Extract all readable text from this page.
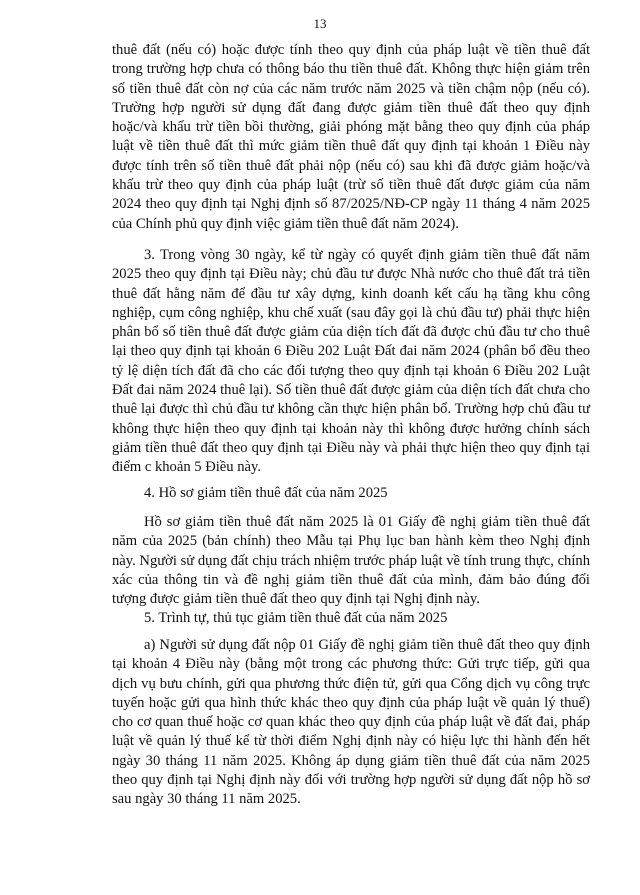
13

thuê đất (nếu có) hoặc được tính theo quy định của pháp luật về tiền thuê đất trong trường hợp chưa có thông báo thu tiền thuê đất. Không thực hiện giảm trên số tiền thuê đất còn nợ của các năm trước năm 2025 và tiền chậm nộp (nếu có). Trường hợp người sử dụng đất đang được giảm tiền thuê đất theo quy định hoặc/và khấu trừ tiền bồi thường, giải phóng mặt bằng theo quy định của pháp luật về tiền thuê đất thì mức giảm tiền thuê đất quy định tại khoản 1 Điều này được tính trên số tiền thuê đất phải nộp (nếu có) sau khi đã được giảm hoặc/và khấu trừ theo quy định của pháp luật (trừ số tiền thuê đất được giảm của năm 2024 theo quy định tại Nghị định số 87/2025/NĐ-CP ngày 11 tháng 4 năm 2025 của Chính phủ quy định việc giảm tiền thuê đất năm 2024).

3. Trong vòng 30 ngày, kể từ ngày có quyết định giảm tiền thuê đất năm 2025 theo quy định tại Điều này; chủ đầu tư được Nhà nước cho thuê đất trả tiền thuê đất hằng năm để đầu tư xây dựng, kinh doanh kết cấu hạ tầng khu công nghiệp, cụm công nghiệp, khu chế xuất (sau đây gọi là chủ đầu tư) phải thực hiện phân bổ số tiền thuê đất được giảm của diện tích đất đã được chủ đầu tư cho thuê lại theo quy định tại khoản 6 Điều 202 Luật Đất đai năm 2024 (phân bổ đều theo tỷ lệ diện tích đất đã cho các đối tượng theo quy định tại khoản 6 Điều 202 Luật Đất đai năm 2024 thuê lại). Số tiền thuê đất được giảm của diện tích đất chưa cho thuê lại được thì chủ đầu tư không cần thực hiện phân bổ. Trường hợp chủ đầu tư không thực hiện theo quy định tại khoản này thì không được hưởng chính sách giảm tiền thuê đất theo quy định tại Điều này và phải thực hiện theo quy định tại điểm c khoản 5 Điều này.

4. Hồ sơ giảm tiền thuê đất của năm 2025

Hồ sơ giảm tiền thuê đất năm 2025 là 01 Giấy đề nghị giảm tiền thuê đất năm của 2025 (bản chính) theo Mẫu tại Phụ lục ban hành kèm theo Nghị định này. Người sử dụng đất chịu trách nhiệm trước pháp luật về tính trung thực, chính xác của thông tin và đề nghị giảm tiền thuê đất của mình, đảm bảo đúng đối tượng được giảm tiền thuê đất theo quy định tại Nghị định này.

5. Trình tự, thủ tục giảm tiền thuê đất của năm 2025

a) Người sử dụng đất nộp 01 Giấy đề nghị giảm tiền thuê đất theo quy định tại khoản 4 Điều này (bằng một trong các phương thức: Gửi trực tiếp, gửi qua dịch vụ bưu chính, gửi qua phương thức điện tử, gửi qua Cổng dịch vụ công trực tuyến hoặc gửi qua hình thức khác theo quy định của pháp luật về quản lý thuế) cho cơ quan thuế hoặc cơ quan khác theo quy định của pháp luật về đất đai, pháp luật về quản lý thuế kể từ thời điểm Nghị định này có hiệu lực thi hành đến hết ngày 30 tháng 11 năm 2025. Không áp dụng giảm tiền thuê đất của năm 2025 theo quy định tại Nghị định này đối với trường hợp người sử dụng đất nộp hồ sơ sau ngày 30 tháng 11 năm 2025.
